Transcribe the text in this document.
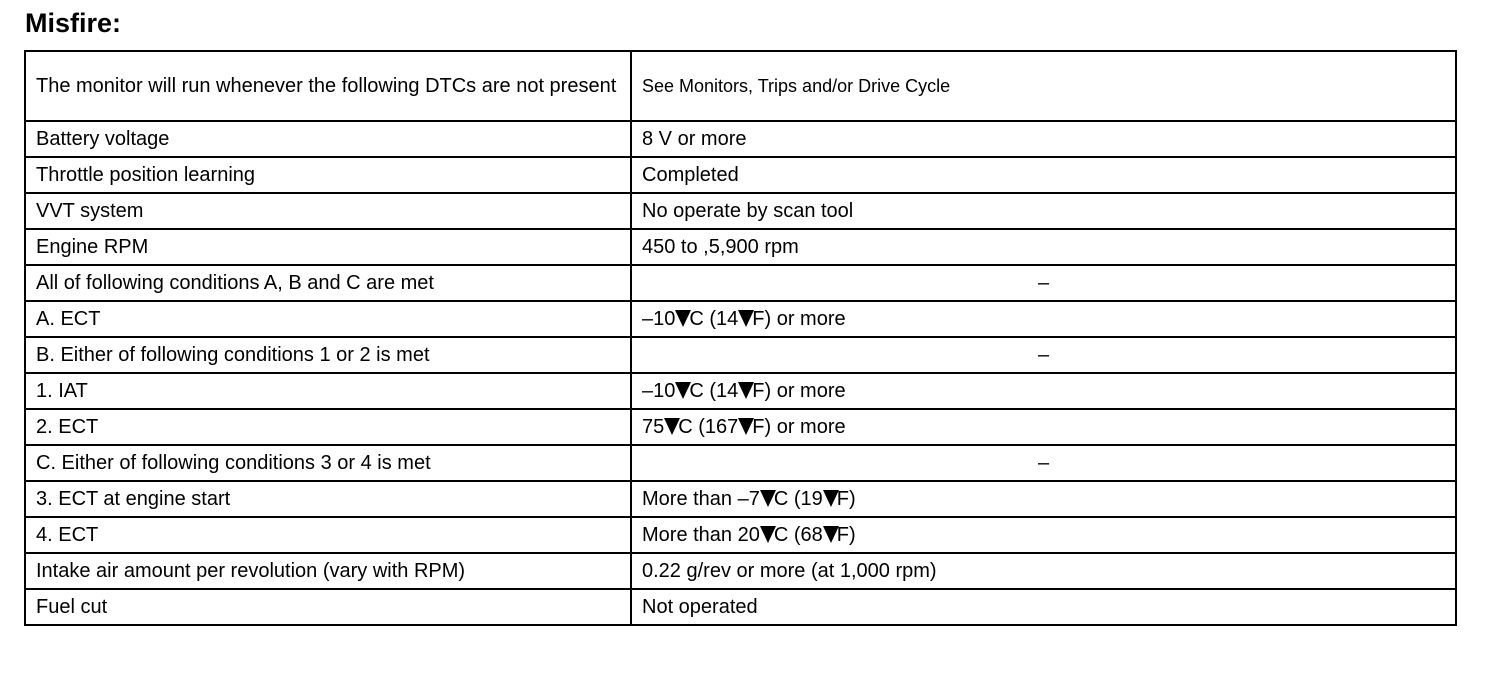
Misfire:
The monitor will run whenever the following DTCs are not present	See Monitors, Trips and/or Drive Cycle
Battery voltage	8 V or more
Throttle position learning	Completed
VVT system	No operate by scan tool
Engine RPM	450 to ,5,900 rpm
All of following conditions A, B and C are met	–
A. ECT	–10 C (14 F) or more
B. Either of following conditions 1 or 2 is met	–
1. IAT	–10 C (14 F) or more
2. ECT	75 C (167 F) or more
C. Either of following conditions 3 or 4 is met	–
3. ECT at engine start	More than –7 C (19 F)
4. ECT	More than 20 C (68 F)
Intake air amount per revolution (vary with RPM)	0.22 g/rev or more (at 1,000 rpm)
Fuel cut	Not operated
